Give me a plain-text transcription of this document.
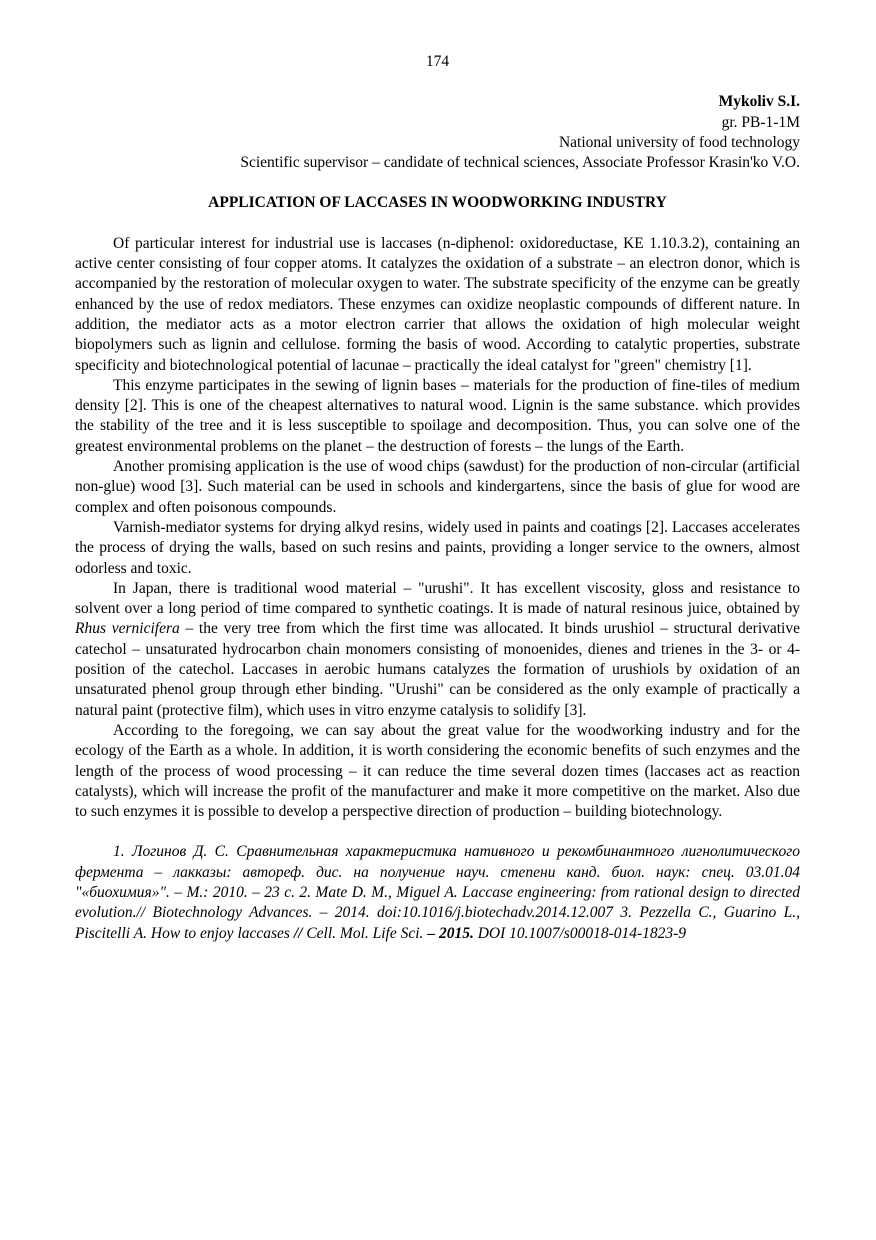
174
Mykoliv S.I.
gr. PB-1-1M
National university of food technology
Scientific supervisor – candidate of technical sciences, Associate Professor Krasin'ko V.O.
APPLICATION OF LACCASES IN WOODWORKING INDUSTRY

Of particular interest for industrial use is laccases (n-diphenol: oxidoreductase, KE 1.10.3.2), containing an active center consisting of four copper atoms. It catalyzes the oxidation of a substrate – an electron donor, which is accompanied by the restoration of molecular oxygen to water. The substrate specificity of the enzyme can be greatly enhanced by the use of redox mediators. These enzymes can oxidize neoplastic compounds of different nature. In addition, the mediator acts as a motor electron carrier that allows the oxidation of high molecular weight biopolymers such as lignin and cellulose. forming the basis of wood. According to catalytic properties, substrate specificity and biotechnological potential of lacunae – practically the ideal catalyst for "green" chemistry [1].

This enzyme participates in the sewing of lignin bases – materials for the production of fine-tiles of medium density [2]. This is one of the cheapest alternatives to natural wood. Lignin is the same substance. which provides the stability of the tree and it is less susceptible to spoilage and decomposition. Thus, you can solve one of the greatest environmental problems on the planet – the destruction of forests – the lungs of the Earth.

Another promising application is the use of wood chips (sawdust) for the production of non-circular (artificial non-glue) wood [3]. Such material can be used in schools and kindergartens, since the basis of glue for wood are complex and often poisonous compounds.

Varnish-mediator systems for drying alkyd resins, widely used in paints and coatings [2]. Laccases accelerates the process of drying the walls, based on such resins and paints, providing a longer service to the owners, almost odorless and toxic.

In Japan, there is traditional wood material – "urushi". It has excellent viscosity, gloss and resistance to solvent over a long period of time compared to synthetic coatings. It is made of natural resinous juice, obtained by Rhus vernicifera – the very tree from which the first time was allocated. It binds urushiol – structural derivative catechol – unsaturated hydrocarbon chain monomers consisting of monoenides, dienes and trienes in the 3- or 4-position of the catechol. Laccases in aerobic humans catalyzes the formation of urushiols by oxidation of an unsaturated phenol group through ether binding. "Urushi" can be considered as the only example of practically a natural paint (protective film), which uses in vitro enzyme catalysis to solidify [3].

According to the foregoing, we can say about the great value for the woodworking industry and for the ecology of the Earth as a whole. In addition, it is worth considering the economic benefits of such enzymes and the length of the process of wood processing – it can reduce the time several dozen times (laccases act as reaction catalysts), which will increase the profit of the manufacturer and make it more competitive on the market. Also due to such enzymes it is possible to develop a perspective direction of production – building biotechnology.

1. Логинов Д. С. Сравнительная характеристика нативного и рекомбинантного лигнолитического фермента – лакказы: автореф. дис. на получение науч. степени канд. биол. наук: спец. 03.01.04 "«биохимия»". – М.: 2010. – 23 с. 2. Mate D. M., Miguel A. Laccase engineering: from rational design to directed evolution.// Biotechnology Advances. – 2014. doi:10.1016/j.biotechadv.2014.12.007 3. Pezzella C., Guarino L., Piscitelli A. How to enjoy laccases // Cell. Mol. Life Sci. – 2015. DOI 10.1007/s00018-014-1823-9
